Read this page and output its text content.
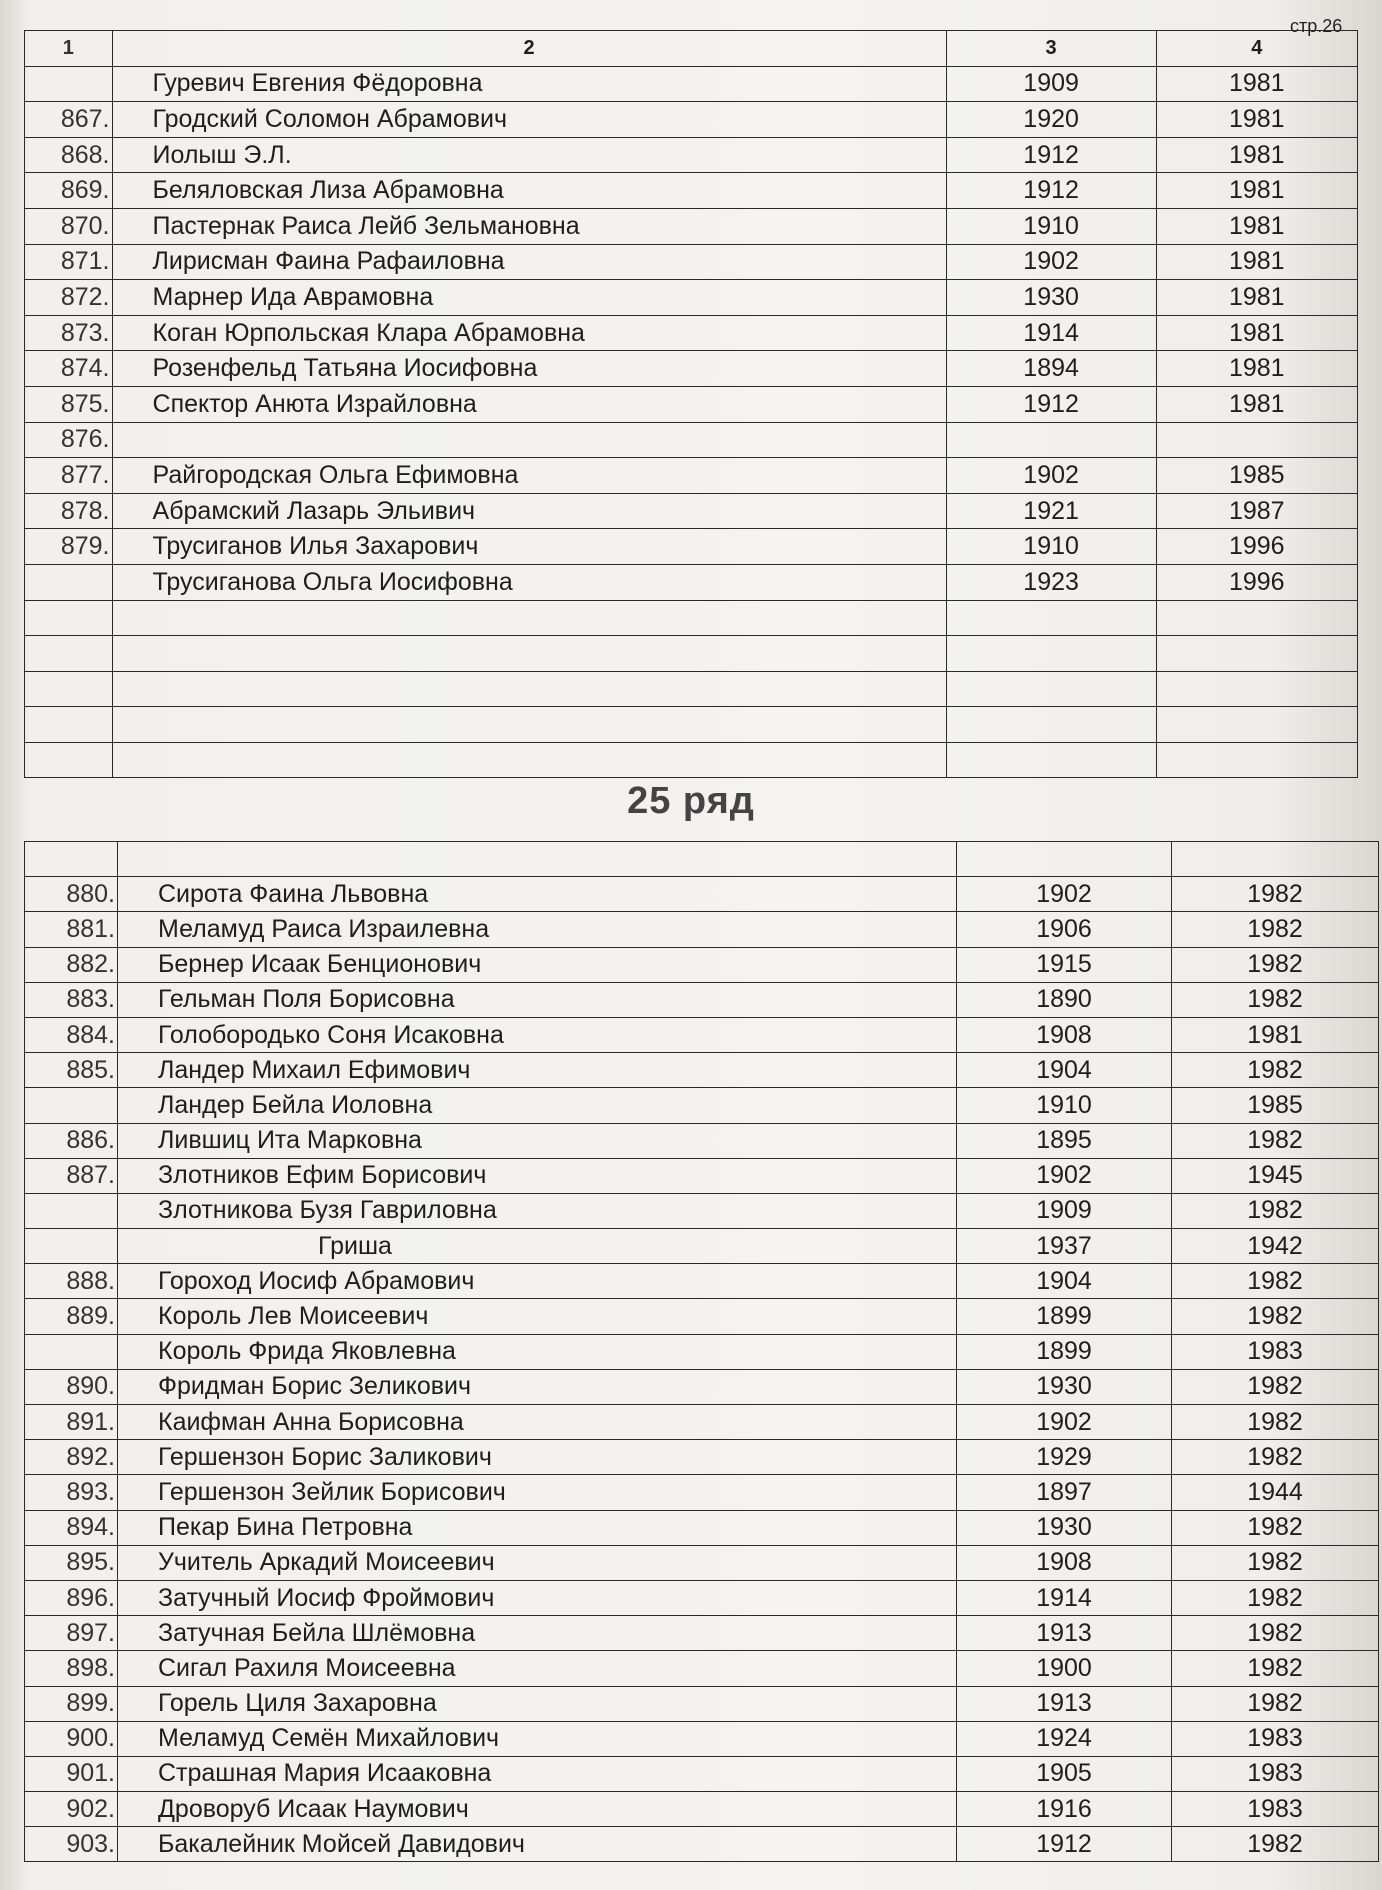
стр.26
1	2	3	4
	Гуревич Евгения Фёдоровна	1909	1981
867.	Гродский Соломон Абрамович	1920	1981
868.	Иолыш Э.Л.	1912	1981
869.	Беляловская Лиза Абрамовна	1912	1981
870.	Пастернак Раиса Лейб Зельмановна	1910	1981
871.	Лирисман Фаина Рафаиловна	1902	1981
872.	Марнер Ида Аврамовна	1930	1981
873.	Коган Юрпольская Клара Абрамовна	1914	1981
874.	Розенфельд Татьяна Иосифовна	1894	1981
875.	Спектор Анюта Израйловна	1912	1981
876.			
877.	Райгородская Ольга Ефимовна	1902	1985
878.	Абрамский Лазарь Эльивич	1921	1987
879.	Трусиганов Илья Захарович	1910	1996
	Трусиганова Ольга Иосифовна	1923	1996

25 ряд

880.	Сирота Фаина Львовна	1902	1982
881.	Меламуд Раиса Израилевна	1906	1982
882.	Бернер Исаак Бенционович	1915	1982
883.	Гельман Поля Борисовна	1890	1982
884.	Голобородько Соня Исаковна	1908	1981
885.	Ландер Михаил Ефимович	1904	1982
	Ландер Бейла Иоловна	1910	1985
886.	Лившиц Ита Марковна	1895	1982
887.	Злотников Ефим Борисович	1902	1945
	Злотникова Бузя Гавриловна	1909	1982
	Гриша	1937	1942
888.	Гороход Иосиф Абрамович	1904	1982
889.	Король Лев Моисеевич	1899	1982
	Король Фрида Яковлевна	1899	1983
890.	Фридман Борис Зеликович	1930	1982
891.	Каифман Анна Борисовна	1902	1982
892.	Гершензон Борис Заликович	1929	1982
893.	Гершензон Зейлик Борисович	1897	1944
894.	Пекар Бина Петровна	1930	1982
895.	Учитель Аркадий Моисеевич	1908	1982
896.	Затучный Иосиф Фроймович	1914	1982
897.	Затучная Бейла Шлёмовна	1913	1982
898.	Сигал Рахиля Моисеевна	1900	1982
899.	Горель Циля Захаровна	1913	1982
900.	Меламуд Семён Михайлович	1924	1983
901.	Страшная Мария Исааковна	1905	1983
902.	Дроворуб Исаак Наумович	1916	1983
903.	Бакалейник Мойсей Давидович	1912	1982
